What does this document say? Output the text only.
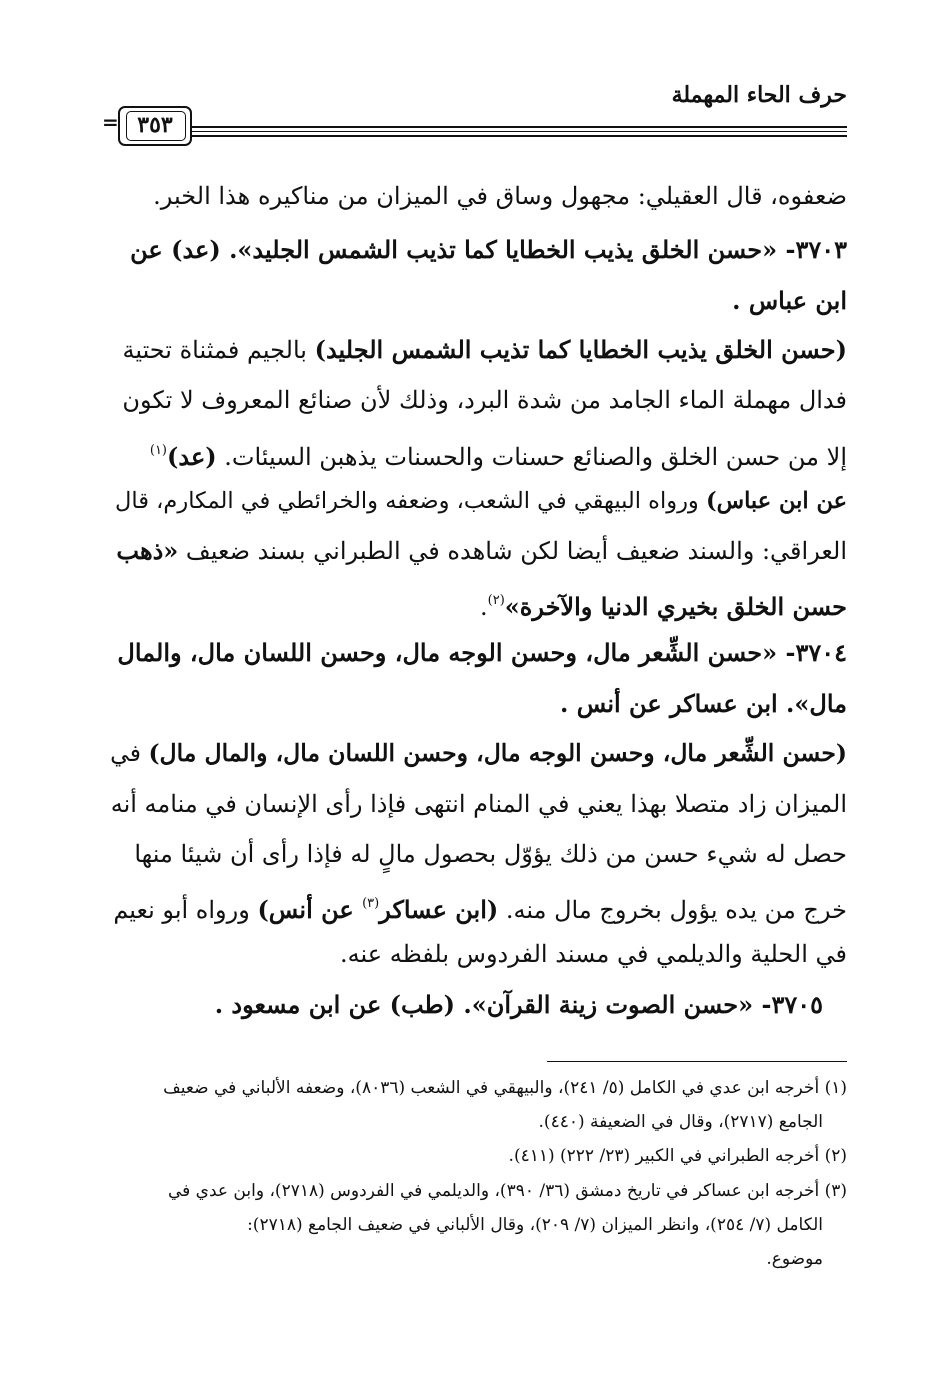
حرف الحاء المهملة
= ٣٥٣
ضعفوه، قال العقيلي: مجهول وساق في الميزان من مناكيره هذا الخبر.
٣٧٠٣- «حسن الخلق يذيب الخطايا كما تذيب الشمس الجليد». (عد) عن
ابن عباس .
(حسن الخلق يذيب الخطايا كما تذيب الشمس الجليد) بالجيم فمثناة تحتية
فدال مهملة الماء الجامد من شدة البرد، وذلك لأن صنائع المعروف لا تكون
إلا من حسن الخلق والصنائع حسنات والحسنات يذهبن السيئات. (عد)$^{(١)}$
عن ابن عباس) ورواه البيهقي في الشعب، وضعفه والخرائطي في المكارم، قال
العراقي: والسند ضعيف أيضا لكن شاهده في الطبراني بسند ضعيف «ذهب
حسن الخلق بخيري الدنيا والآخرة»$^{(٢)}$.
٣٧٠٤- «حسن الشِّعر مال، وحسن الوجه مال، وحسن اللسان مال، والمال
مال». ابن عساكر عن أنس .
(حسن الشِّعر مال، وحسن الوجه مال، وحسن اللسان مال، والمال مال) في
الميزان زاد متصلا بهذا يعني في المنام انتهى فإذا رأى الإنسان في منامه أنه
حصل له شيء حسن من ذلك يؤوّل بحصول مالٍ له فإذا رأى أن شيئا منها
خرج من يده يؤول بخروج مال منه. (ابن عساكر$^{(٣)}$ عن أنس) ورواه أبو نعيم
في الحلية والديلمي في مسند الفردوس بلفظه عنه.
٣٧٠٥- «حسن الصوت زينة القرآن». (طب) عن ابن مسعود .
(١) أخرجه ابن عدي في الكامل (٥/ ٢٤١)، والبيهقي في الشعب (٨٠٣٦)، وضعفه الألباني في ضعيف
الجامع (٢٧١٧)، وقال في الضعيفة (٤٤٠).
(٢) أخرجه الطبراني في الكبير (٢٣/ ٢٢٢) (٤١١).
(٣) أخرجه ابن عساكر في تاريخ دمشق (٣٦/ ٣٩٠)، والديلمي في الفردوس (٢٧١٨)، وابن عدي في
الكامل (٧/ ٢٥٤)، وانظر الميزان (٧/ ٢٠٩)، وقال الألباني في ضعيف الجامع (٢٧١٨):
موضوع.
